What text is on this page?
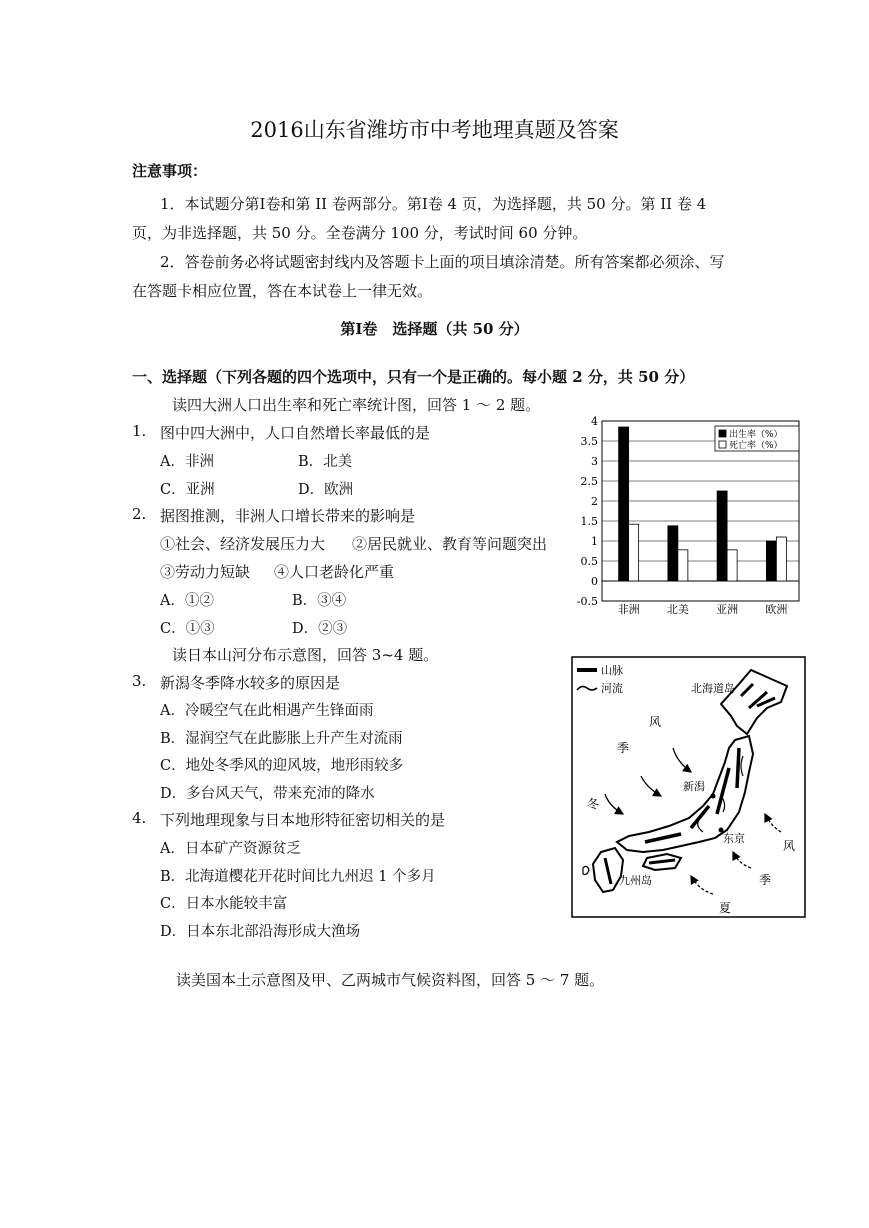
2016山东省潍坊市中考地理真题及答案
注意事项：
1．本试题分第Ⅰ卷和第 II 卷两部分。第Ⅰ卷 4 页，为选择题，共 50 分。第 II 卷 4
页，为非选择题，共 50 分。全卷满分 100 分，考试时间 60 分钟。
2．答卷前务必将试题密封线内及答题卡上面的项目填涂清楚。所有答案都必须涂、写
在答题卡相应位置，答在本试卷上一律无效。
第Ⅰ卷　选择题（共 50 分）
一、选择题（下列各题的四个选项中，只有一个是正确的。每小题 2 分，共 50 分）
读四大洲人口出生率和死亡率统计图，回答 1 ～ 2 题。
1. 图中四大洲中，人口自然增长率最低的是
A．非洲	B．北美
C．亚洲	D．欧洲
2. 据图推测，非洲人口增长带来的影响是
①社会、经济发展压力大 ②居民就业、教育等问题突出
③劳动力短缺 ④人口老龄化严重
A．①②	B．③④
C．①③	D．②③
读日本山河分布示意图，回答 3~4 题。
3. 新潟冬季降水较多的原因是
A．冷暖空气在此相遇产生锋面雨
B．湿润空气在此膨胀上升产生对流雨
C．地处冬季风的迎风坡，地形雨较多
D．多台风天气，带来充沛的降水
4. 下列地理现象与日本地形特征密切相关的是
A．日本矿产资源贫乏
B．北海道樱花开花时间比九州迟 1 个多月
C．日本水能较丰富
D．日本东北部沿海形成大渔场
读美国本土示意图及甲、乙两城市气候资料图，回答 5 ～ 7 题。
4
3.5
3
2.5
2
1.5
1
0.5
0
-0.5
非洲 北美 亚洲 欧洲
出生率（%）
死亡率（%）
山脉
河流
新潟
东京
北海道岛
九州岛
冬
季
风
夏
季
风
